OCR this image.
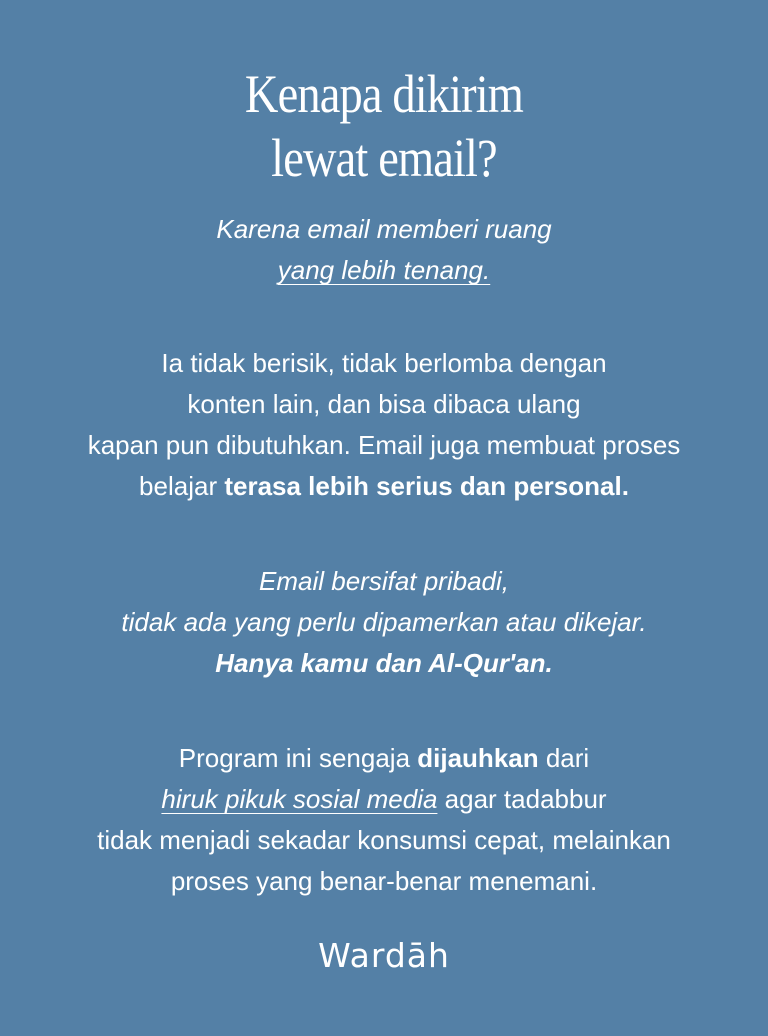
Kenapa dikirim
lewat email?

Karena email memberi ruang
yang lebih tenang.

Ia tidak berisik, tidak berlomba dengan
konten lain, dan bisa dibaca ulang
kapan pun dibutuhkan. Email juga membuat proses
belajar terasa lebih serius dan personal.

Email bersifat pribadi,
tidak ada yang perlu dipamerkan atau dikejar.
Hanya kamu dan Al-Qur'an.

Program ini sengaja dijauhkan dari
hiruk pikuk sosial media agar tadabbur
tidak menjadi sekadar konsumsi cepat, melainkan
proses yang benar-benar menemani.

Wardāh
